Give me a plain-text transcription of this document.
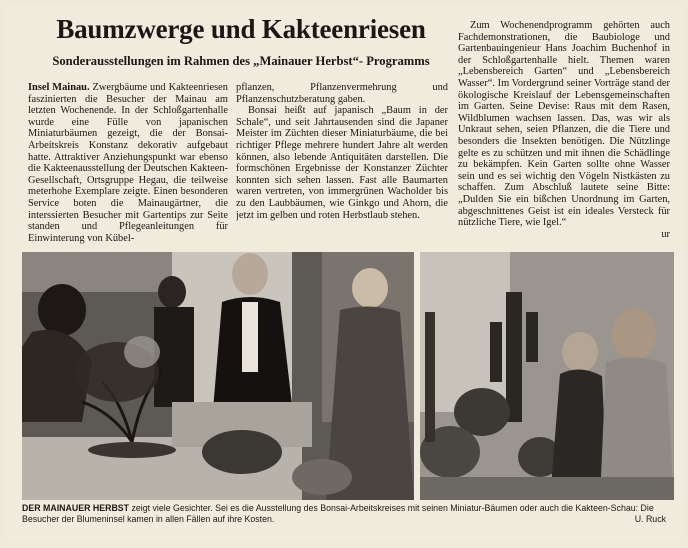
Baumzwerge und Kakteenriesen
Sonderausstellungen im Rahmen des „Mainauer Herbst“- Programms

Insel Mainau. Zwergbäume und Kakteenriesen faszinierten die Besucher der Mainau am letzten Wochenende. In der Schloßgartenhalle wurde eine Fülle von japanischen Miniaturbäumen gezeigt, die der Bonsai-Arbeitskreis Konstanz dekorativ aufgebaut hatte. Attraktiver Anziehungspunkt war ebenso die Kakteenausstellung der Deutschen Kakteen-Gesellschaft, Ortsgruppe Hegau, die teilweise meterhohe Exemplare zeigte. Einen besonderen Service boten die Mainaugärtner, die interssierten Besucher mit Gartentips zur Seite standen und Pflegeanleitungen für Einwinterung von Kübel-

pflanzen, Pflanzenvermehrung und Pflanzenschutzberatung gaben.

Bonsai heißt auf japanisch „Baum in der Schale“, und seit Jahrtausenden sind die Japaner Meister im Züchten dieser Miniaturbäume, die bei richtiger Pflege mehrere hundert Jahre alt werden können, also lebende Antiquitäten darstellen. Die formschönen Ergebnisse der Konstanzer Züchter konnten sich sehen lassen. Fast alle Baumarten waren vertreten, von immergrünen Wacholder bis zu den Laubbäumen, wie Ginkgo und Ahorn, die jetzt im gelben und roten Herbstlaub stehen.

Zum Wochenendprogramm gehörten auch Fachdemonstrationen, die Baubiologe und Gartenbauingenieur Hans Joachim Buchenhof in der Schloßgartenhalle hielt. Themen waren „Lebensbereich Garten“ und „Lebensbereich Wasser“. Im Vordergrund seiner Vorträge stand der ökologische Kreislauf der Lebensgemeinschaften im Garten. Seine Devise: Raus mit dem Rasen, Wildblumen wachsen lassen. Das, was wir als Unkraut sehen, seien Pflanzen, die die Tiere und besonders die Insekten benötigen. Die Nützlinge gelte es zu schützen und mit ihnen die Schädlinge zu bekämpfen. Kein Garten sollte ohne Wasser sein und es sei wichtig den Vögeln Nistkästen zu schaffen. Zum Abschluß lautete seine Bitte: „Dulden Sie ein bißchen Unordnung im Garten, abgeschnittenes Geist ist ein ideales Versteck für nützliche Tiere, wie Igel.“

ur

DER MAINAUER HERBST zeigt viele Gesichter. Sei es die Ausstellung des Bonsai-Arbeitskreises mit seinen Miniatur-Bäumen oder auch die Kakteen-Schau: Die Besucher der Blumeninsel kamen in allen Fällen auf ihre Kosten.	U. Ruck
